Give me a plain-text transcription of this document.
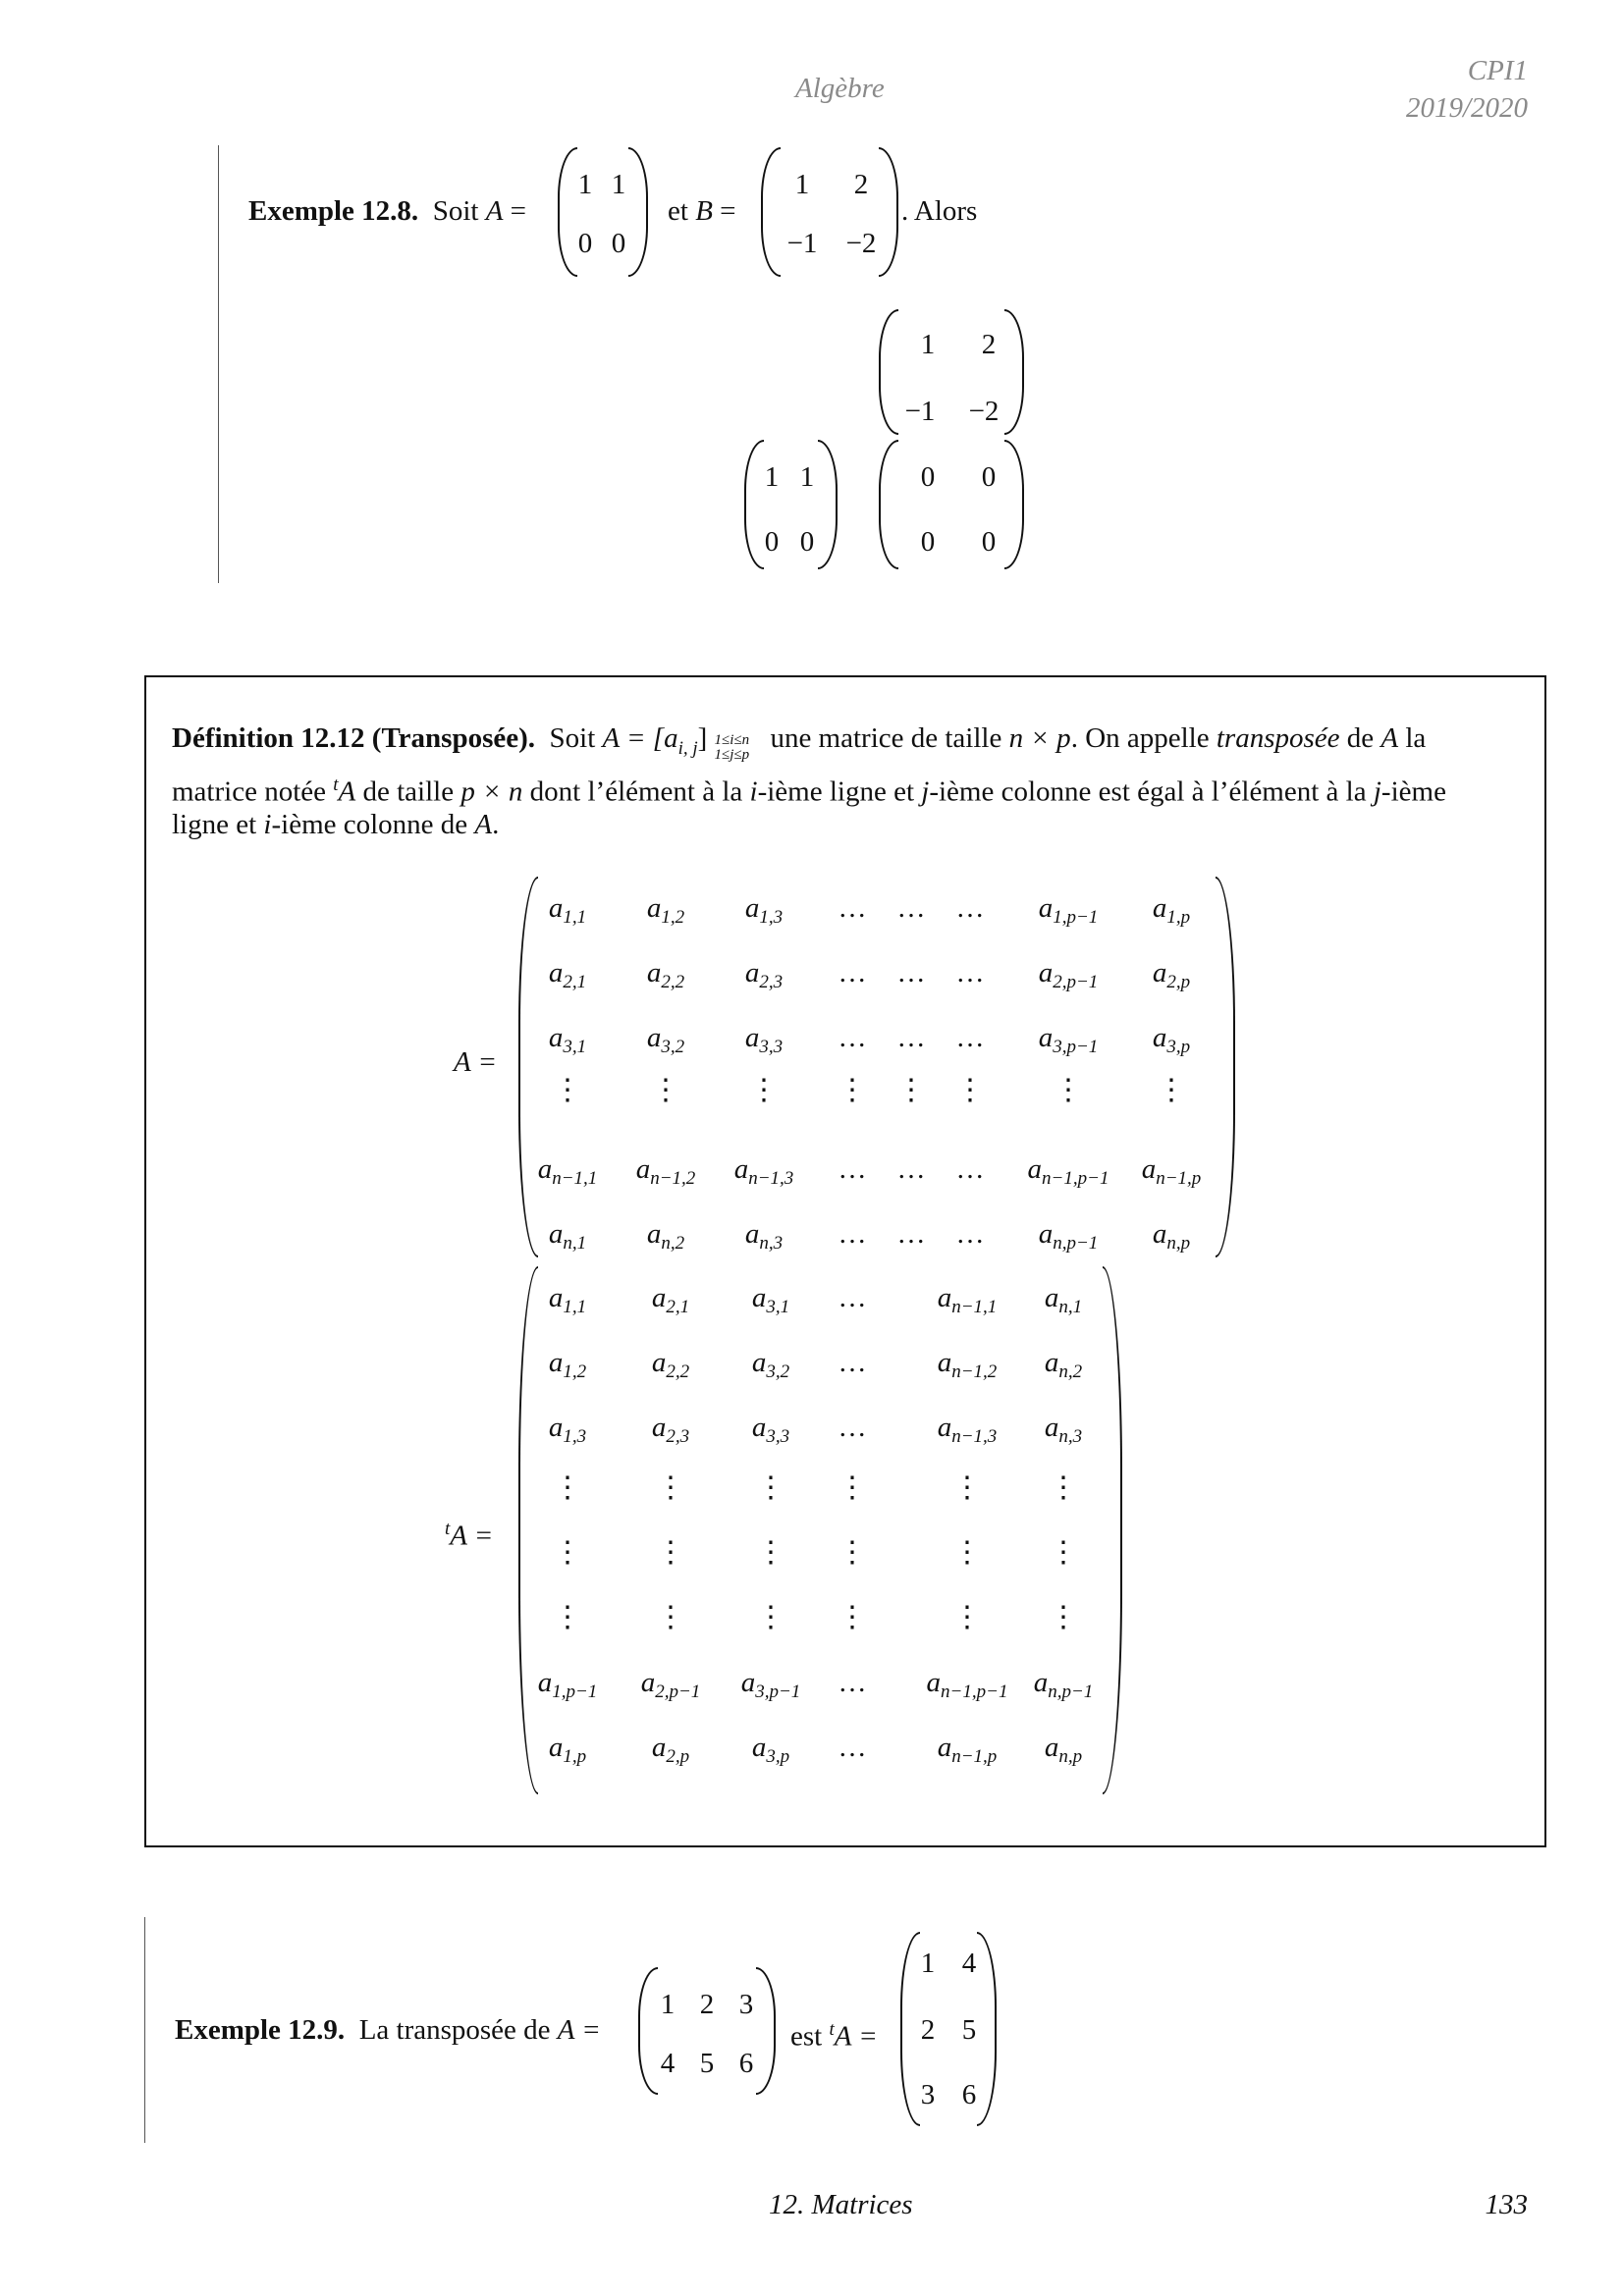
Algèbre
CPI1
2019/2020
Exemple 12.8. Soit A =
1 1
0 0
et B =
1 2
−1 −2
. Alors
1 2
−1 −2
1 1
0 0
0 0
0 0
Définition 12.12 (Transposée). Soit $A = [a_{i, j}]$ 1≤i≤n
1≤j≤p
une matrice de taille n × p. On appelle transposée de A la
matrice notée $^t$A de taille p × n dont l’élément à la i-ième ligne et j-ième colonne est égal à l’élément à la j-ième
ligne et i-ième colonne de A.
A =
$a_{1,1}$ $a_{1,2}$ $a_{1,3}$ … … … $a_{1,p-1}$ $a_{1,p}$
$a_{2,1}$ $a_{2,2}$ $a_{2,3}$ … … … $a_{2,p-1}$ $a_{2,p}$
$a_{3,1}$ $a_{3,2}$ $a_{3,3}$ … … … $a_{3,p-1}$ $a_{3,p}$
⋮ ⋮ ⋮ ⋮ ⋮ ⋮ ⋮	⋮
$a_{n-1,1}$ $a_{n-1,2}$ $a_{n-1,3}$ … … … $a_{n-1,p-1}$ $a_{n-1,p}$
$a_{n,1}$ $a_{n,2}$ $a_{n,3}$ … … … $a_{n,p-1}$ $a_{n,p}$
$^t$A =
$a_{1,1}$ $a_{2,1}$ $a_{3,1}$ … $a_{n-1,1}$ $a_{n,1}$
$a_{1,2}$ $a_{2,2}$ $a_{3,2}$ … $a_{n-1,2}$ $a_{n,2}$
$a_{1,3}$ $a_{2,3}$ $a_{3,3}$ … $a_{n-1,3}$ $a_{n,3}$
⋮	⋮ ⋮ ⋮	⋮ ⋮
⋮	⋮ ⋮ ⋮	⋮ ⋮
⋮	⋮ ⋮ ⋮	⋮ ⋮
$a_{1,p-1}$ $a_{2,p-1}$ $a_{3,p-1}$ … $a_{n-1,p-1}$ $a_{n,p-1}$
$a_{1,p}$ $a_{2,p}$ $a_{3,p}$ … $a_{n-1,p}$ $a_{n,p}$
Exemple 12.9. La transposée de A =
1 2 3
4 5 6
est $^t$A =
1 4
2 5
3 6
12. Matrices	133
